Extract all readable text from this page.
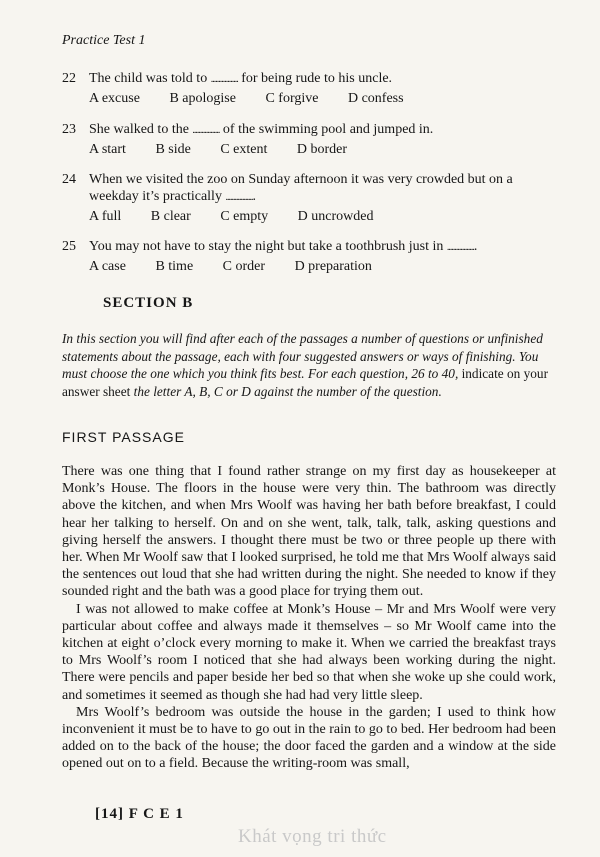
Practice Test 1
22 The child was told to .................. for being rude to his uncle.
A excuse B apologise C forgive D confess
23 She walked to the .................. of the swimming pool and jumped in.
A start B side C extent D border
24 When we visited the zoo on Sunday afternoon it was very crowded but on a weekday it’s practically ...................
A full B clear C empty D uncrowded
25 You may not have to stay the night but take a toothbrush just in ...................
A case B time C order D preparation
SECTION B
In this section you will find after each of the passages a number of questions or unfinished statements about the passage, each with four suggested answers or ways of finishing. You must choose the one which you think fits best. For each question, 26 to 40, indicate on your answer sheet the letter A, B, C or D against the number of the question.
FIRST PASSAGE

There was one thing that I found rather strange on my first day as housekeeper at Monk’s House. The floors in the house were very thin. The bathroom was directly above the kitchen, and when Mrs Woolf was having her bath before breakfast, I could hear her talking to herself. On and on she went, talk, talk, talk, asking questions and giving herself the answers. I thought there must be two or three people up there with her. When Mr Woolf saw that I looked surprised, he told me that Mrs Woolf always said the sentences out loud that she had written during the night. She needed to know if they sounded right and the bath was a good place for trying them out.

I was not allowed to make coffee at Monk’s House – Mr and Mrs Woolf were very particular about coffee and always made it themselves – so Mr Woolf came into the kitchen at eight o’clock every morning to make it. When we carried the breakfast trays to Mrs Woolf’s room I noticed that she had always been working during the night. There were pencils and paper beside her bed so that when she woke up she could work, and sometimes it seemed as though she had had very little sleep.

Mrs Woolf’s bedroom was outside the house in the garden; I used to think how inconvenient it must be to have to go out in the rain to go to bed. Her bedroom had been added on to the back of the house; the door faced the garden and a window at the side opened out on to a field. Because the writing-room was small,

[14] F C E 1
Khát vọng tri thức
